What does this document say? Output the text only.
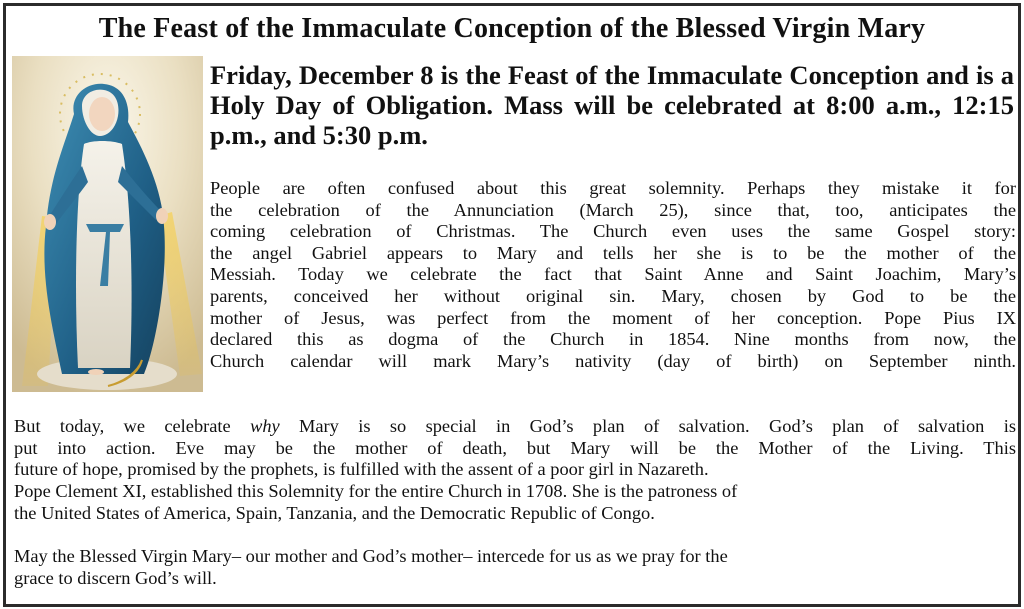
The Feast of the Immaculate Conception of the Blessed Virgin Mary
Friday, December 8 is the Feast of the Immaculate Conception and is a Holy Day of Obligation. Mass will be celebrated at 8:00 a.m., 12:15 p.m., and 5:30 p.m.
People are often confused about this great solemnity. Perhaps they mistake it for
the celebration of the Annunciation (March 25), since that, too, anticipates the
coming celebration of Christmas. The Church even uses the same Gospel story:
the angel Gabriel appears to Mary and tells her she is to be the mother of the
Messiah. Today we celebrate the fact that Saint Anne and Saint Joachim, Mary’s
parents, conceived her without original sin. Mary, chosen by God to be the
mother of Jesus, was perfect from the moment of her conception. Pope Pius IX
declared this as dogma of the Church in 1854. Nine months from now, the
Church calendar will mark Mary’s nativity (day of birth) on September ninth.
But today, we celebrate why Mary is so special in God’s plan of salvation. God’s plan of salvation is
put into action. Eve may be the mother of death, but Mary will be the Mother of the Living. This
future of hope, promised by the prophets, is fulfilled with the assent of a poor girl in Nazareth.
Pope Clement XI, established this Solemnity for the entire Church in 1708. She is the patroness of
the United States of America, Spain, Tanzania, and the Democratic Republic of Congo.
May the Blessed Virgin Mary– our mother and God’s mother– intercede for us as we pray for the
grace to discern God’s will.
